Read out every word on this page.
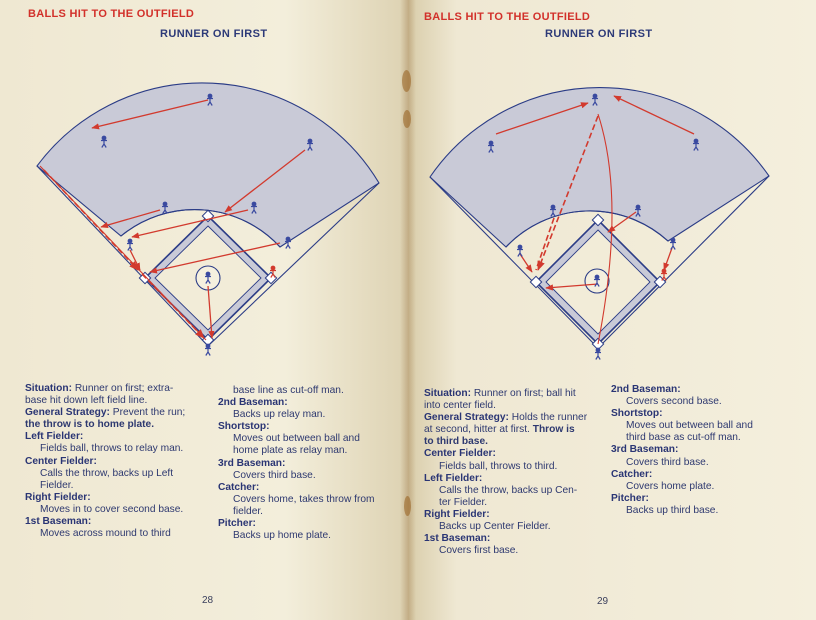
BALLS HIT TO THE OUTFIELD
RUNNER ON FIRST
Situation: Runner on first; extra-
base hit down left field line.
General Strategy: Prevent the run;
the throw is to home plate.
Left Fielder:
Fields ball, throws to relay man.
Center Fielder:
Calls the throw, backs up Left
Fielder.
Right Fielder:
Moves in to cover second base.
1st Baseman:
Moves across mound to third
base line as cut-off man.
2nd Baseman:
Backs up relay man.
Shortstop:
Moves out between ball and
home plate as relay man.
3rd Baseman:
Covers third base.
Catcher:
Covers home, takes throw from
fielder.
Pitcher:
Backs up home plate.
28
BALLS HIT TO THE OUTFIELD
RUNNER ON FIRST
Situation: Runner on first; ball hit
into center field.
General Strategy: Holds the runner
at second, hitter at first. Throw is
to third base.
Center Fielder:
Fields ball, throws to third.
Left Fielder:
Calls the throw, backs up Cen-
ter Fielder.
Right Fielder:
Backs up Center Fielder.
1st Baseman:
Covers first base.
2nd Baseman:
Covers second base.
Shortstop:
Moves out between ball and
third base as cut-off man.
3rd Baseman:
Covers third base.
Catcher:
Covers home plate.
Pitcher:
Backs up third base.
29
